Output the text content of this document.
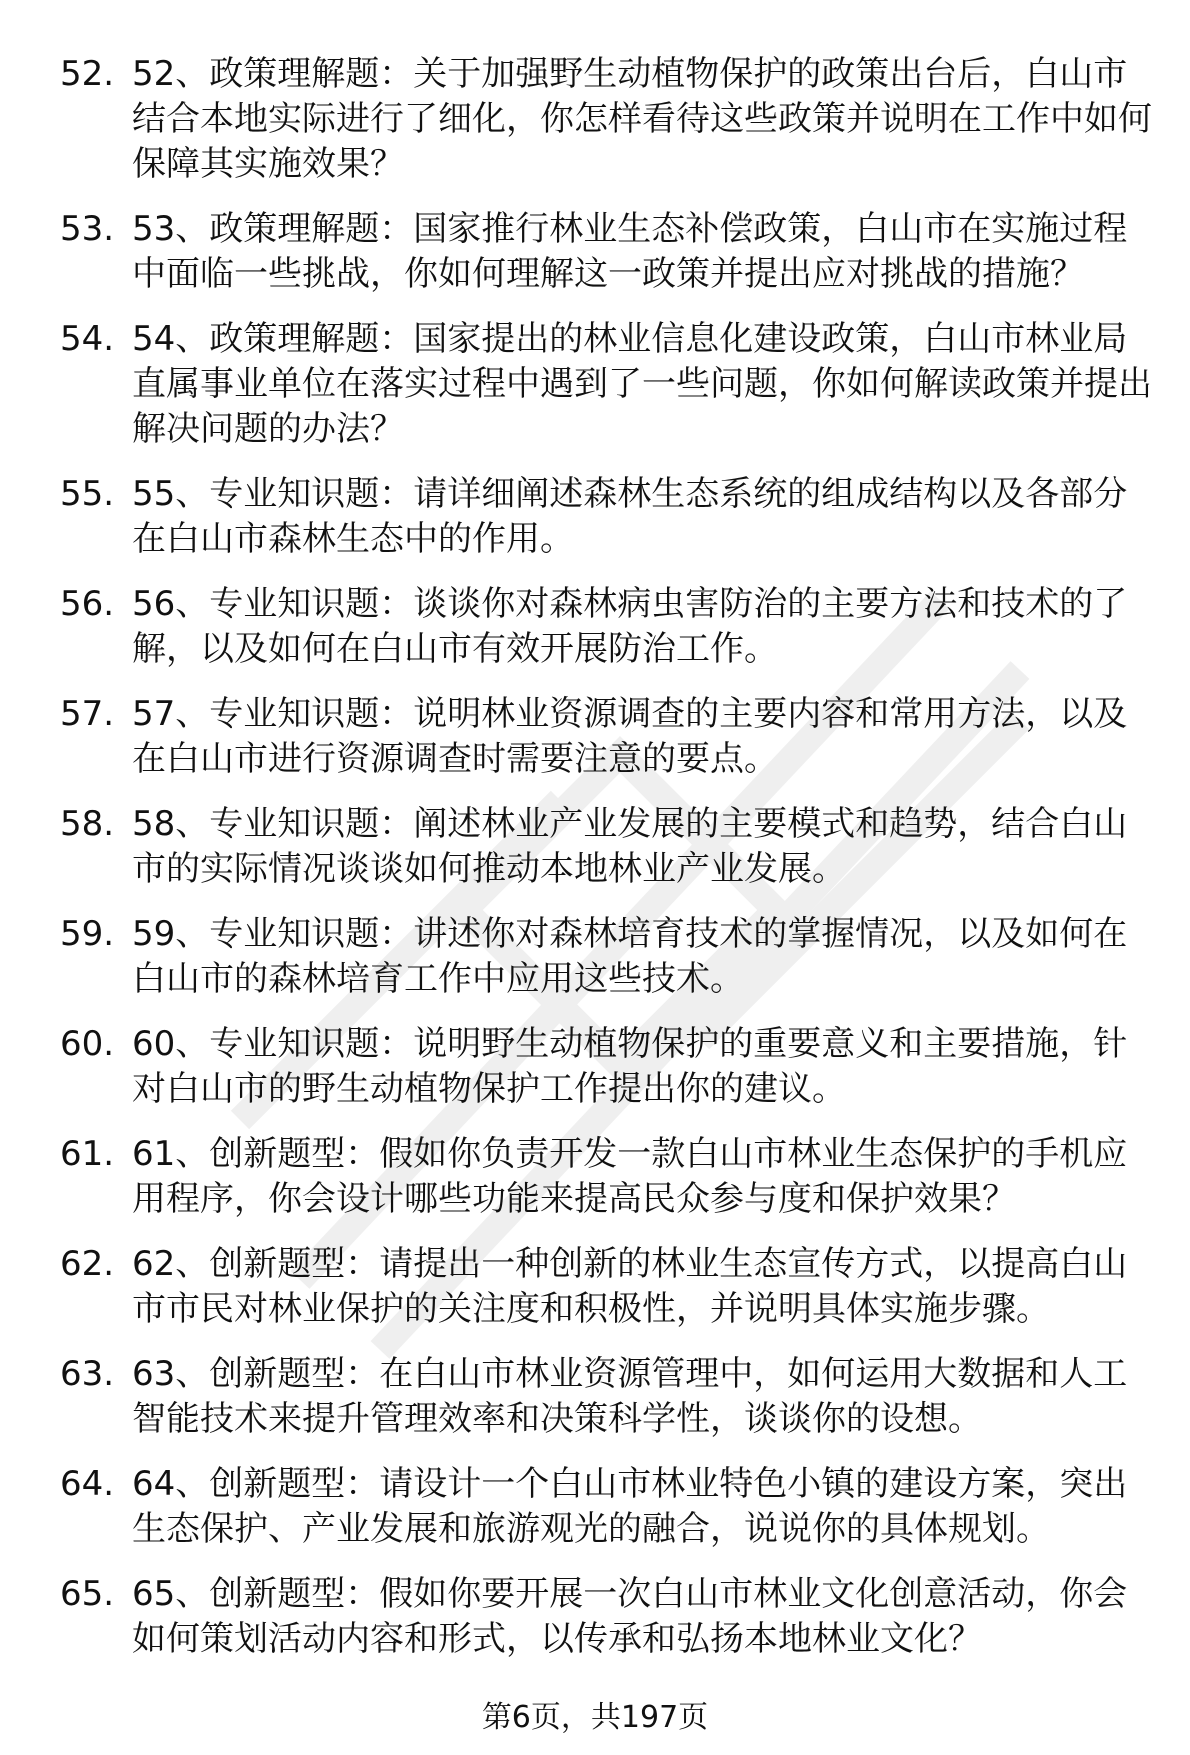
52. 52、政策理解题：关于加强野生动植物保护的政策出台后，白山市结合本地实际进行了细化，你怎样看待这些政策并说明在工作中如何保障其实施效果？
53. 53、政策理解题：国家推行林业生态补偿政策，白山市在实施过程中面临一些挑战，你如何理解这一政策并提出应对挑战的措施？
54. 54、政策理解题：国家提出的林业信息化建设政策，白山市林业局直属事业单位在落实过程中遇到了一些问题，你如何解读政策并提出解决问题的办法？
55. 55、专业知识题：请详细阐述森林生态系统的组成结构以及各部分在白山市森林生态中的作用。
56. 56、专业知识题：谈谈你对森林病虫害防治的主要方法和技术的了解，以及如何在白山市有效开展防治工作。
57. 57、专业知识题：说明林业资源调查的主要内容和常用方法，以及在白山市进行资源调查时需要注意的要点。
58. 58、专业知识题：阐述林业产业发展的主要模式和趋势，结合白山市的实际情况谈谈如何推动本地林业产业发展。
59. 59、专业知识题：讲述你对森林培育技术的掌握情况，以及如何在白山市的森林培育工作中应用这些技术。
60. 60、专业知识题：说明野生动植物保护的重要意义和主要措施，针对白山市的野生动植物保护工作提出你的建议。
61. 61、创新题型：假如你负责开发一款白山市林业生态保护的手机应用程序，你会设计哪些功能来提高民众参与度和保护效果？
62. 62、创新题型：请提出一种创新的林业生态宣传方式，以提高白山市市民对林业保护的关注度和积极性，并说明具体实施步骤。
63. 63、创新题型：在白山市林业资源管理中，如何运用大数据和人工智能技术来提升管理效率和决策科学性，谈谈你的设想。
64. 64、创新题型：请设计一个白山市林业特色小镇的建设方案，突出生态保护、产业发展和旅游观光的融合，说说你的具体规划。
65. 65、创新题型：假如你要开展一次白山市林业文化创意活动，你会如何策划活动内容和形式，以传承和弘扬本地林业文化？
第6页，共197页
